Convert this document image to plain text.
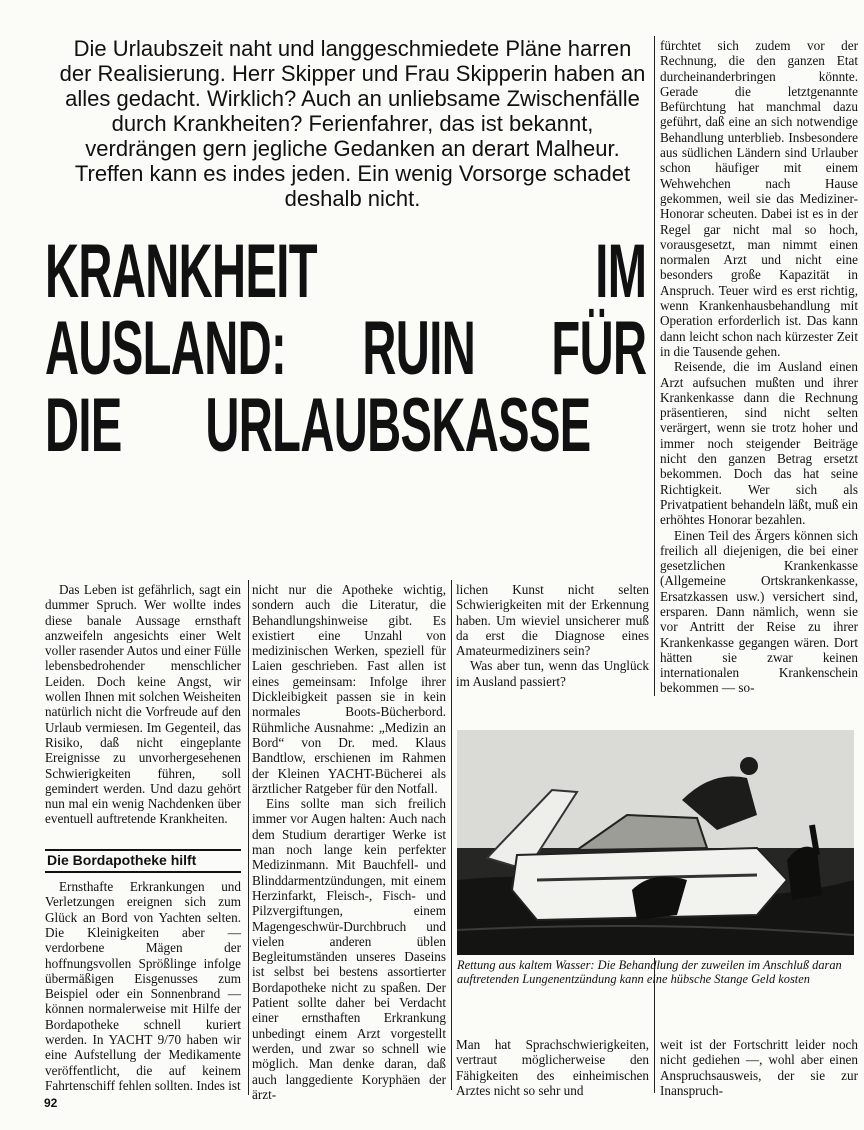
Die Urlaubszeit naht und langgeschmiedete Pläne harren der Realisierung. Herr Skipper und Frau Skipperin haben an alles gedacht. Wirklich? Auch an unliebsame Zwischenfälle durch Krankheiten? Ferienfahrer, das ist bekannt, verdrängen gern jegliche Gedanken an derart Malheur. Treffen kann es indes jeden. Ein wenig Vorsorge schadet deshalb nicht.
KRANKHEIT IM
AUSLAND: RUIN FÜR
DIE URLAUBSKASSE

Das Leben ist gefährlich, sagt ein dummer Spruch. Wer wollte indes diese banale Aussage ernsthaft anzweifeln angesichts einer Welt voller rasender Autos und einer Fülle lebensbedrohender menschlicher Leiden. Doch keine Angst, wir wollen Ihnen mit solchen Weisheiten natürlich nicht die Vorfreude auf den Urlaub vermiesen. Im Gegenteil, das Risiko, daß nicht eingeplante Ereignisse zu unvorhergesehenen Schwierigkeiten führen, soll gemindert werden. Und dazu gehört nun mal ein wenig Nachdenken über eventuell auftretende Krankheiten.

Die Bordapotheke hilft

Ernsthafte Erkrankungen und Verletzungen ereignen sich zum Glück an Bord von Yachten selten. Die Kleinigkeiten aber — verdorbene Mägen der hoffnungsvollen Sprößlinge infolge übermäßigen Eisgenusses zum Beispiel oder ein Sonnenbrand — können normalerweise mit Hilfe der Bordapotheke schnell kuriert werden. In YACHT 9/70 haben wir eine Aufstellung der Medikamente veröffentlicht, die auf keinem Fahrtenschiff fehlen sollten. Indes ist

nicht nur die Apotheke wichtig, sondern auch die Literatur, die Behandlungshinweise gibt. Es existiert eine Unzahl von medizinischen Werken, speziell für Laien geschrieben. Fast allen ist eines gemeinsam: Infolge ihrer Dickleibigkeit passen sie in kein normales Boots-Bücherbord. Rühmliche Ausnahme: „Medizin an Bord“ von Dr. med. Klaus Bandtlow, erschienen im Rahmen der Kleinen YACHT-Bücherei als ärztlicher Ratgeber für den Notfall.

Eins sollte man sich freilich immer vor Augen halten: Auch nach dem Studium derartiger Werke ist man noch lange kein perfekter Medizinmann. Mit Bauchfell- und Blinddarmentzündungen, mit einem Herzinfarkt, Fleisch-, Fisch- und Pilzvergiftungen, einem Magengeschwür-Durchbruch und vielen anderen üblen Begleitumständen unseres Daseins ist selbst bei bestens assortierter Bordapotheke nicht zu spaßen. Der Patient sollte daher bei Verdacht einer ernsthaften Erkrankung unbedingt einem Arzt vorgestellt werden, und zwar so schnell wie möglich. Man denke daran, daß auch langgediente Koryphäen der ärzt-

lichen Kunst nicht selten Schwierigkeiten mit der Erkennung haben. Um wieviel unsicherer muß da erst die Diagnose eines Amateurmediziners sein?

Was aber tun, wenn das Unglück im Ausland passiert?

fürchtet sich zudem vor der Rechnung, die den ganzen Etat durcheinanderbringen könnte. Gerade die letztgenannte Befürchtung hat manchmal dazu geführt, daß eine an sich notwendige Behandlung unterblieb. Insbesondere aus südlichen Ländern sind Urlauber schon häufiger mit einem Wehwehchen nach Hause gekommen, weil sie das Mediziner-Honorar scheuten. Dabei ist es in der Regel gar nicht mal so hoch, vorausgesetzt, man nimmt einen normalen Arzt und nicht eine besonders große Kapazität in Anspruch. Teuer wird es erst richtig, wenn Krankenhausbehandlung mit Operation erforderlich ist. Das kann dann leicht schon nach kürzester Zeit in die Tausende gehen.

Reisende, die im Ausland einen Arzt aufsuchen mußten und ihrer Krankenkasse dann die Rechnung präsentieren, sind nicht selten verärgert, wenn sie trotz hoher und immer noch steigender Beiträge nicht den ganzen Betrag ersetzt bekommen. Doch das hat seine Richtigkeit. Wer sich als Privatpatient behandeln läßt, muß ein erhöhtes Honorar bezahlen.

Einen Teil des Ärgers können sich freilich all diejenigen, die bei einer gesetzlichen Krankenkasse (Allgemeine Ortskrankenkasse, Ersatzkassen usw.) versichert sind, ersparen. Dann nämlich, wenn sie vor Antritt der Reise zu ihrer Krankenkasse gegangen wären. Dort hätten sie zwar keinen internationalen Krankenschein bekommen — so-

Rettung aus kaltem Wasser: Die Behandlung der zuweilen im Anschluß daran auftretenden Lungenentzündung kann eine hübsche Stange Geld kosten

Man hat Sprachschwierigkeiten, vertraut möglicherweise den Fähigkeiten des einheimischen Arztes nicht so sehr und

weit ist der Fortschritt leider noch nicht gediehen —, wohl aber einen Anspruchsausweis, der sie zur Inanspruch-

92
